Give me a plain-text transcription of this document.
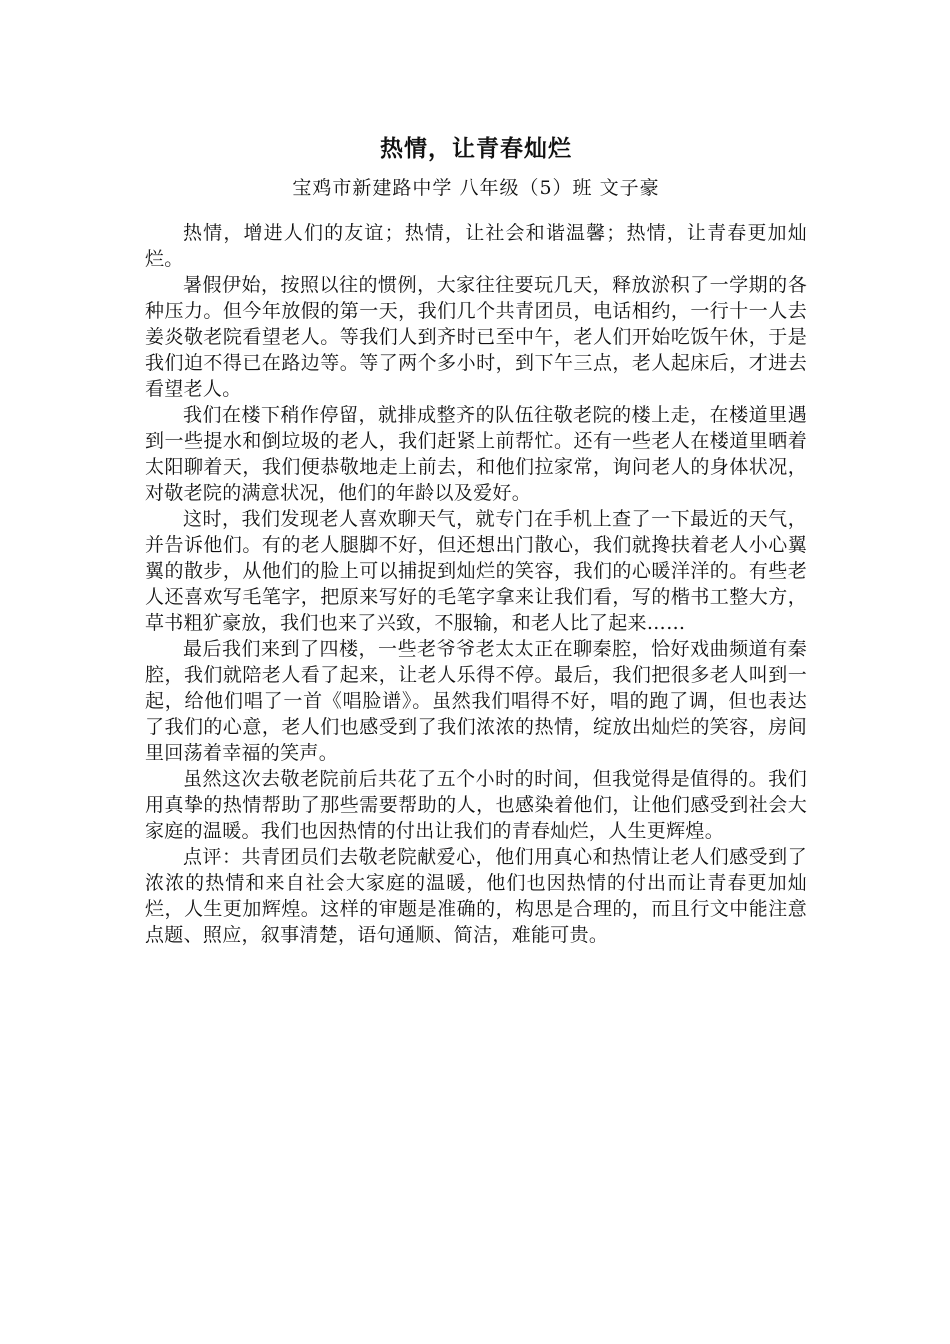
热情，让青春灿烂
宝鸡市新建路中学 八年级（5）班 文子豪

热情，增进人们的友谊；热情，让社会和谐温馨；热情，让青春更加灿烂。

暑假伊始，按照以往的惯例，大家往往要玩几天，释放淤积了一学期的各种压力。但今年放假的第一天，我们几个共青团员，电话相约，一行十一人去姜炎敬老院看望老人。等我们人到齐时已至中午，老人们开始吃饭午休，于是我们迫不得已在路边等。等了两个多小时，到下午三点，老人起床后，才进去看望老人。

我们在楼下稍作停留，就排成整齐的队伍往敬老院的楼上走，在楼道里遇到一些提水和倒垃圾的老人，我们赶紧上前帮忙。还有一些老人在楼道里晒着太阳聊着天，我们便恭敬地走上前去，和他们拉家常，询问老人的身体状况，对敬老院的满意状况，他们的年龄以及爱好。

这时，我们发现老人喜欢聊天气，就专门在手机上查了一下最近的天气，并告诉他们。有的老人腿脚不好，但还想出门散心，我们就搀扶着老人小心翼翼的散步，从他们的脸上可以捕捉到灿烂的笑容，我们的心暖洋洋的。有些老人还喜欢写毛笔字，把原来写好的毛笔字拿来让我们看，写的楷书工整大方，草书粗犷豪放，我们也来了兴致，不服输，和老人比了起来……

最后我们来到了四楼，一些老爷爷老太太正在聊秦腔，恰好戏曲频道有秦腔，我们就陪老人看了起来，让老人乐得不停。最后，我们把很多老人叫到一起，给他们唱了一首《唱脸谱》。虽然我们唱得不好，唱的跑了调，但也表达了我们的心意，老人们也感受到了我们浓浓的热情，绽放出灿烂的笑容，房间里回荡着幸福的笑声。

虽然这次去敬老院前后共花了五个小时的时间，但我觉得是值得的。我们用真挚的热情帮助了那些需要帮助的人，也感染着他们，让他们感受到社会大家庭的温暖。我们也因热情的付出让我们的青春灿烂，人生更辉煌。

点评：共青团员们去敬老院献爱心，他们用真心和热情让老人们感受到了浓浓的热情和来自社会大家庭的温暖，他们也因热情的付出而让青春更加灿烂，人生更加辉煌。这样的审题是准确的，构思是合理的，而且行文中能注意点题、照应，叙事清楚，语句通顺、简洁，难能可贵。
